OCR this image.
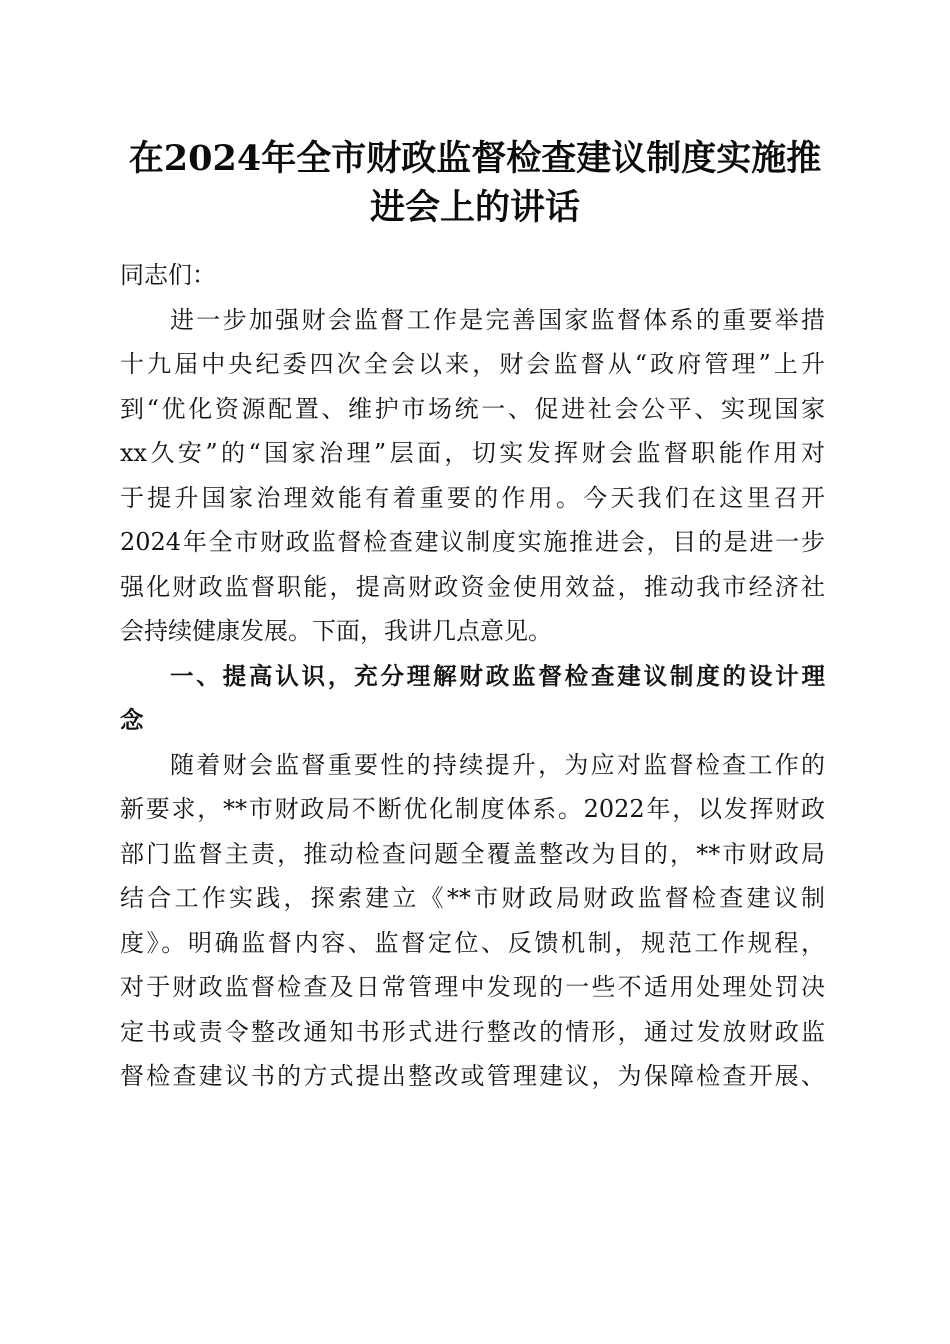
在2024年全市财政监督检查建议制度实施推
进会上的讲话
同志们：
进一步加强财会监督工作是完善国家监督体系的重要举措
十九届中央纪委四次全会以来，财会监督从“政府管理”上升
到“优化资源配置、维护市场统一、促进社会公平、实现国家
xx久安”的“国家治理”层面，切实发挥财会监督职能作用对
于提升国家治理效能有着重要的作用。今天我们在这里召开
2024年全市财政监督检查建议制度实施推进会，目的是进一步
强化财政监督职能，提高财政资金使用效益，推动我市经济社
会持续健康发展。下面，我讲几点意见。
一、提高认识，充分理解财政监督检查建议制度的设计理
念
随着财会监督重要性的持续提升，为应对监督检查工作的
新要求，**市财政局不断优化制度体系。2022年，以发挥财政
部门监督主责，推动检查问题全覆盖整改为目的，**市财政局
结合工作实践，探索建立《**市财政局财政监督检查建议制
度》。明确监督内容、监督定位、反馈机制，规范工作规程，
对于财政监督检查及日常管理中发现的一些不适用处理处罚决
定书或责令整改通知书形式进行整改的情形，通过发放财政监
督检查建议书的方式提出整改或管理建议，为保障检查开展、
